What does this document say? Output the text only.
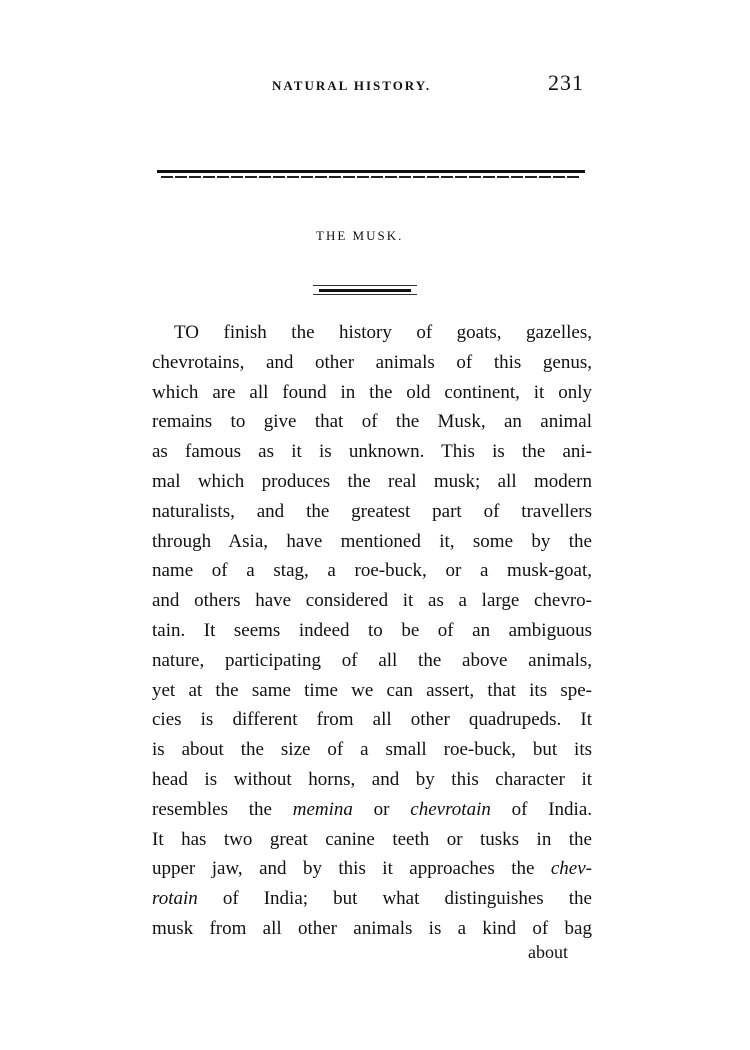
NATURAL HISTORY.	231
THE MUSK.
TO finish the history of goats, gazelles,
chevrotains, and other animals of this genus,
which are all found in the old continent, it only
remains to give that of the Musk, an animal
as famous as it is unknown. This is the ani-
mal which produces the real musk; all modern
naturalists, and the greatest part of travellers
through Asia, have mentioned it, some by the
name of a stag, a roe-buck, or a musk-goat,
and others have considered it as a large chevro-
tain. It seems indeed to be of an ambiguous
nature, participating of all the above animals,
yet at the same time we can assert, that its spe-
cies is different from all other quadrupeds. It
is about the size of a small roe-buck, but its
head is without horns, and by this character it
resembles the memina or chevrotain of India.
It has two great canine teeth or tusks in the
upper jaw, and by this it approaches the chev-
rotain of India; but what distinguishes the
musk from all other animals is a kind of bag
about
